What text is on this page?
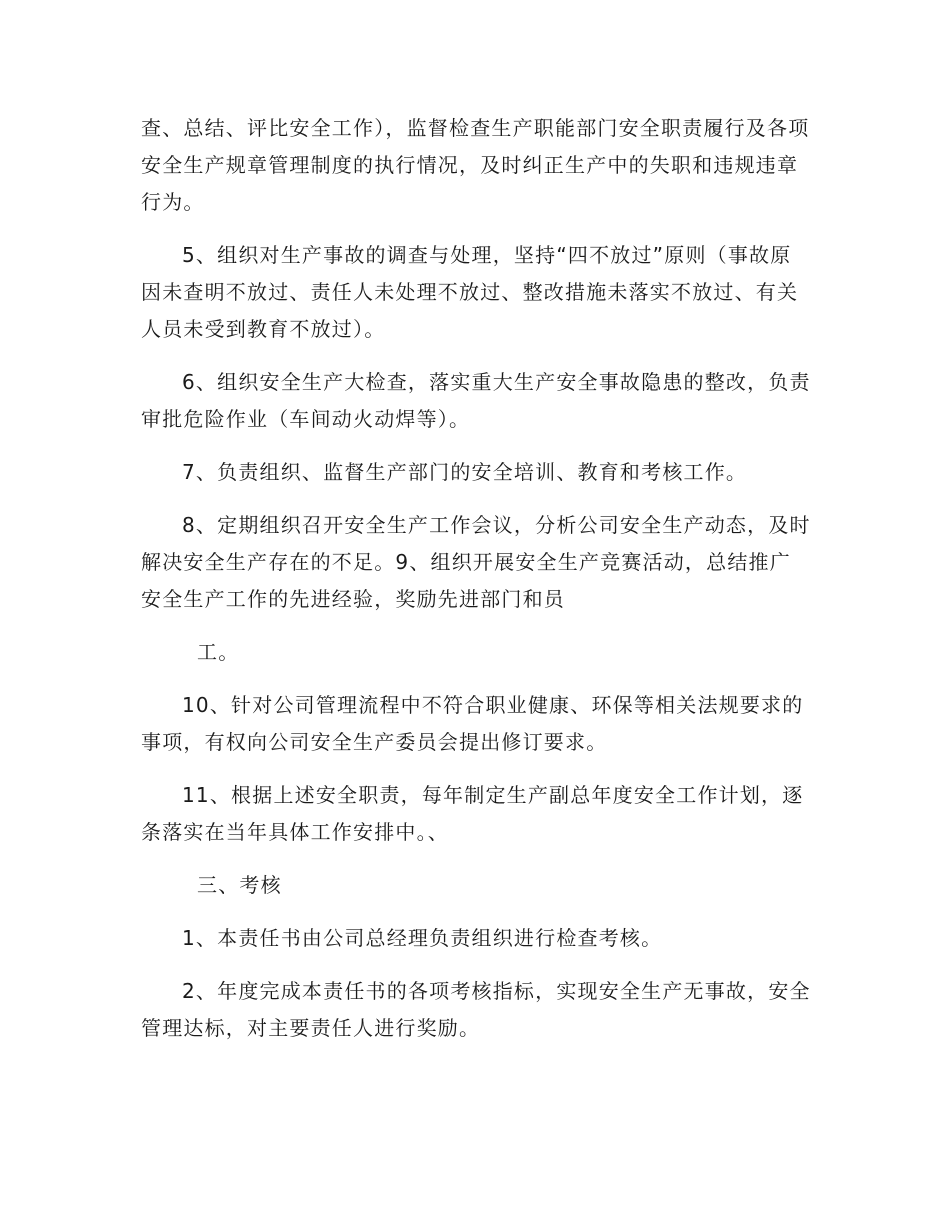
查、总结、评比安全工作），监督检查生产职能部门安全职责履行及各项安全生产规章管理制度的执行情况，及时纠正生产中的失职和违规违章行为。

5、组织对生产事故的调查与处理，坚持“四不放过”原则（事故原因未查明不放过、责任人未处理不放过、整改措施未落实不放过、有关人员未受到教育不放过）。

6、组织安全生产大检查，落实重大生产安全事故隐患的整改，负责审批危险作业（车间动火动焊等）。

7、负责组织、监督生产部门的安全培训、教育和考核工作。

8、定期组织召开安全生产工作会议，分析公司安全生产动态，及时解决安全生产存在的不足。9、组织开展安全生产竞赛活动，总结推广安全生产工作的先进经验，奖励先进部门和员

工。

10、针对公司管理流程中不符合职业健康、环保等相关法规要求的事项，有权向公司安全生产委员会提出修订要求。

11、根据上述安全职责，每年制定生产副总年度安全工作计划，逐条落实在当年具体工作安排中。、

三、考核

1、本责任书由公司总经理负责组织进行检查考核。

2、年度完成本责任书的各项考核指标，实现安全生产无事故，安全管理达标，对主要责任人进行奖励。
